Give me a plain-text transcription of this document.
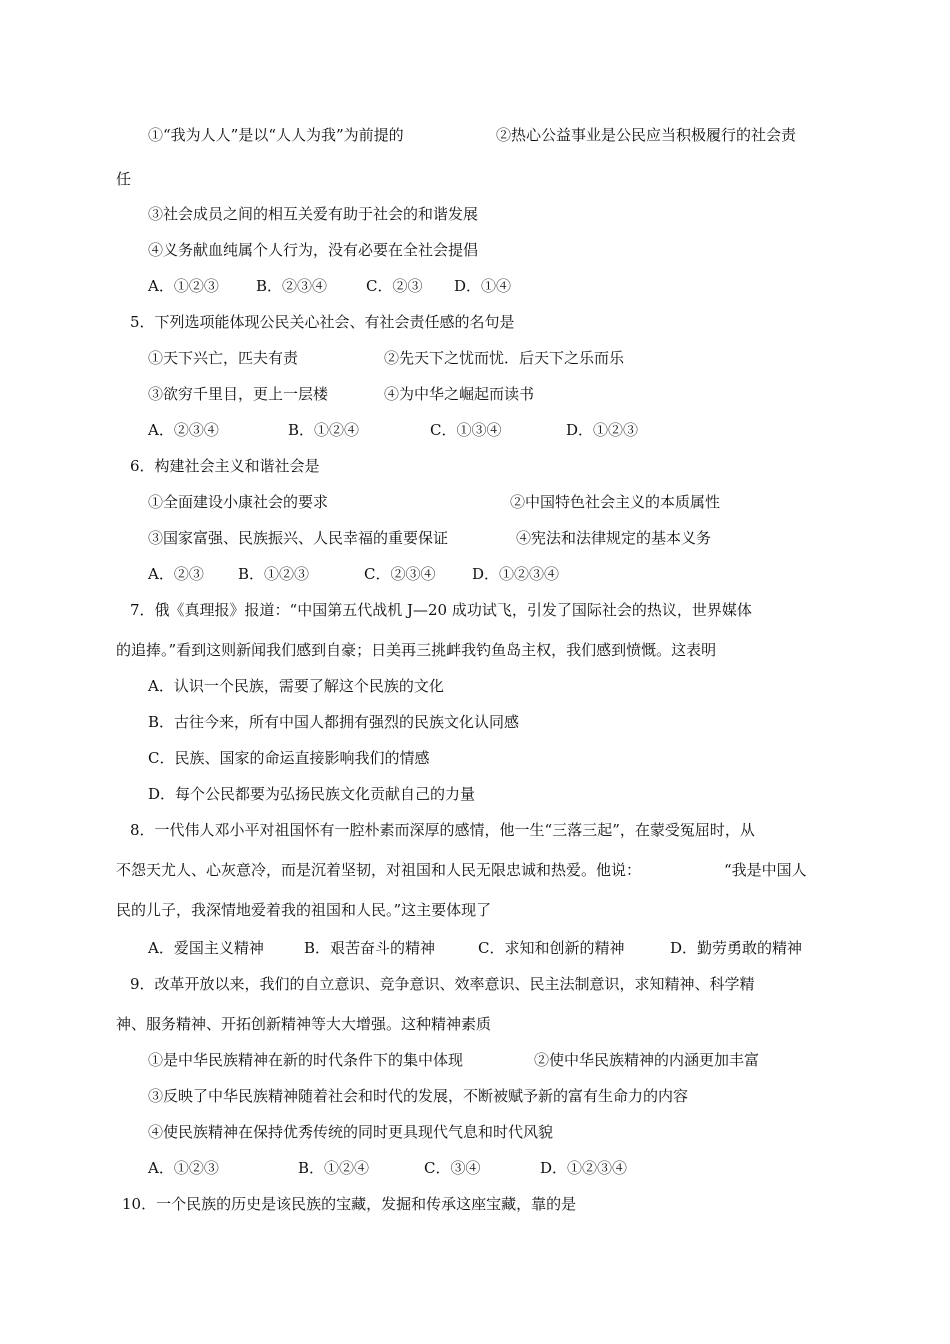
①“我为人人”是以“人人为我”为前提的	②热心公益事业是公民应当积极履行的社会责
任
③社会成员之间的相互关爱有助于社会的和谐发展
④义务献血纯属个人行为，没有必要在全社会提倡
A．①②③ B．②③④	C．②③ D．①④
5．下列选项能体现公民关心社会、有社会责任感的名句是
①天下兴亡，匹夫有责	②先天下之忧而忧．后天下之乐而乐
③欲穷千里目，更上一层楼	④为中华之崛起而读书
A．②③④	B．①②④	C．①③④	D．①②③
6．构建社会主义和谐社会是
①全面建设小康社会的要求	②中国特色社会主义的本质属性
③国家富强、民族振兴、人民幸福的重要保证	④宪法和法律规定的基本义务
A．②③ B．①②③	C．②③④ D．①②③④
7．俄《真理报》报道：“中国第五代战机 J—20 成功试飞，引发了国际社会的热议，世界媒体
的追捧。”看到这则新闻我们感到自豪；日美再三挑衅我钓鱼岛主权，我们感到愤慨。这表明
A．认识一个民族，需要了解这个民族的文化
B．古往今来，所有中国人都拥有强烈的民族文化认同感
C．民族、国家的命运直接影响我们的情感
D．每个公民都要为弘扬民族文化贡献自己的力量
8．一代伟人邓小平对祖国怀有一腔朴素而深厚的感情，他一生“三落三起”，在蒙受冤屈时，从
不怨天尤人、心灰意冷，而是沉着坚韧，对祖国和人民无限忠诚和热爱。他说：	“我是中国人
民的儿子，我深情地爱着我的祖国和人民。”这主要体现了
A．爱国主义精神	B．艰苦奋斗的精神	C．求知和创新的精神	D．勤劳勇敢的精神
9．改革开放以来，我们的自立意识、竞争意识、效率意识、民主法制意识，求知精神、科学精
神、服务精神、开拓创新精神等大大增强。这种精神素质
①是中华民族精神在新的时代条件下的集中体现	②使中华民族精神的内涵更加丰富
③反映了中华民族精神随着社会和时代的发展，不断被赋予新的富有生命力的内容
④使民族精神在保持优秀传统的同时更具现代气息和时代风貌
A．①②③	B．①②④	C．③④	D．①②③④
10．一个民族的历史是该民族的宝藏，发掘和传承这座宝藏，靠的是
